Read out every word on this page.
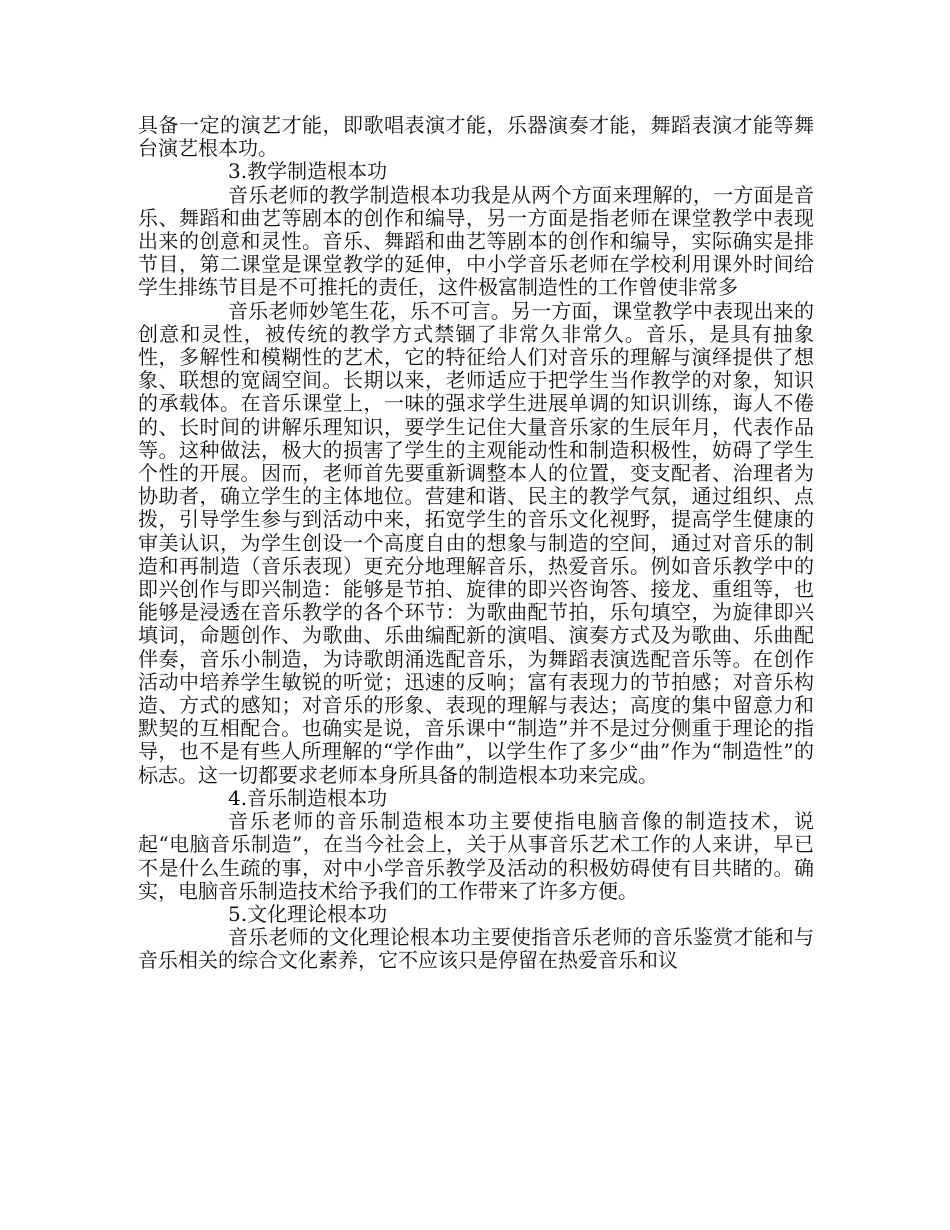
具备一定的演艺才能，即歌唱表演才能，乐器演奏才能，舞蹈表演才能等舞台演艺根本功。

3.教学制造根本功

音乐老师的教学制造根本功我是从两个方面来理解的，一方面是音乐、舞蹈和曲艺等剧本的创作和编导，另一方面是指老师在课堂教学中表现出来的创意和灵性。音乐、舞蹈和曲艺等剧本的创作和编导，实际确实是排节目，第二课堂是课堂教学的延伸，中小学音乐老师在学校利用课外时间给学生排练节目是不可推托的责任，这件极富制造性的工作曾使非常多

音乐老师妙笔生花，乐不可言。另一方面，课堂教学中表现出来的创意和灵性，被传统的教学方式禁锢了非常久非常久。音乐，是具有抽象性，多解性和模糊性的艺术，它的特征给人们对音乐的理解与演绎提供了想象、联想的宽阔空间。长期以来，老师适应于把学生当作教学的对象，知识的承载体。在音乐课堂上，一味的强求学生进展单调的知识训练，诲人不倦的、长时间的讲解乐理知识，要学生记住大量音乐家的生辰年月，代表作品等。这种做法，极大的损害了学生的主观能动性和制造积极性，妨碍了学生个性的开展。因而，老师首先要重新调整本人的位置，变支配者、治理者为协助者，确立学生的主体地位。营建和谐、民主的教学气氛，通过组织、点拨，引导学生参与到活动中来，拓宽学生的音乐文化视野，提高学生健康的审美认识，为学生创设一个高度自由的想象与制造的空间，通过对音乐的制造和再制造（音乐表现）更充分地理解音乐，热爱音乐。例如音乐教学中的即兴创作与即兴制造：能够是节拍、旋律的即兴咨询答、接龙、重组等，也能够是浸透在音乐教学的各个环节：为歌曲配节拍，乐句填空，为旋律即兴填词，命题创作、为歌曲、乐曲编配新的演唱、演奏方式及为歌曲、乐曲配伴奏，音乐小制造，为诗歌朗涌选配音乐，为舞蹈表演选配音乐等。在创作活动中培养学生敏锐的听觉；迅速的反响；富有表现力的节拍感；对音乐构造、方式的感知；对音乐的形象、表现的理解与表达；高度的集中留意力和默契的互相配合。也确实是说，音乐课中“制造”并不是过分侧重于理论的指导，也不是有些人所理解的“学作曲”，以学生作了多少“曲”作为“制造性”的标志。这一切都要求老师本身所具备的制造根本功来完成。

4.音乐制造根本功

音乐老师的音乐制造根本功主要使指电脑音像的制造技术，说起“电脑音乐制造”，在当今社会上，关于从事音乐艺术工作的人来讲，早已不是什么生疏的事，对中小学音乐教学及活动的积极妨碍使有目共睹的。确实，电脑音乐制造技术给予我们的工作带来了许多方便。

5.文化理论根本功

音乐老师的文化理论根本功主要使指音乐老师的音乐鉴赏才能和与音乐相关的综合文化素养，它不应该只是停留在热爱音乐和议
